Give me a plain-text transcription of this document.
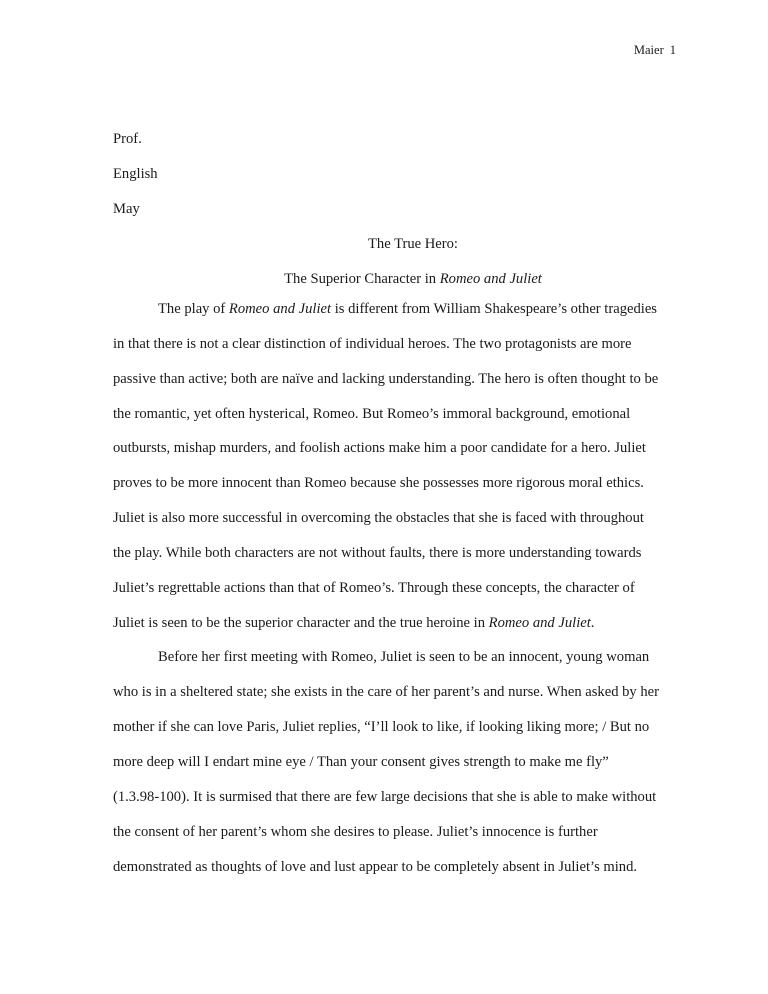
Maier 1
Prof.
English
May
The True Hero:
The Superior Character in Romeo and Juliet
The play of Romeo and Juliet is different from William Shakespeare’s other tragedies
in that there is not a clear distinction of individual heroes. The two protagonists are more
passive than active; both are naïve and lacking understanding. The hero is often thought to be
the romantic, yet often hysterical, Romeo. But Romeo’s immoral background, emotional
outbursts, mishap murders, and foolish actions make him a poor candidate for a hero. Juliet
proves to be more innocent than Romeo because she possesses more rigorous moral ethics.
Juliet is also more successful in overcoming the obstacles that she is faced with throughout
the play. While both characters are not without faults, there is more understanding towards
Juliet’s regrettable actions than that of Romeo’s. Through these concepts, the character of
Juliet is seen to be the superior character and the true heroine in Romeo and Juliet.
Before her first meeting with Romeo, Juliet is seen to be an innocent, young woman
who is in a sheltered state; she exists in the care of her parent’s and nurse. When asked by her
mother if she can love Paris, Juliet replies, “I’ll look to like, if looking liking more; / But no
more deep will I endart mine eye / Than your consent gives strength to make me fly”
(1.3.98-100). It is surmised that there are few large decisions that she is able to make without
the consent of her parent’s whom she desires to please. Juliet’s innocence is further
demonstrated as thoughts of love and lust appear to be completely absent in Juliet’s mind.
